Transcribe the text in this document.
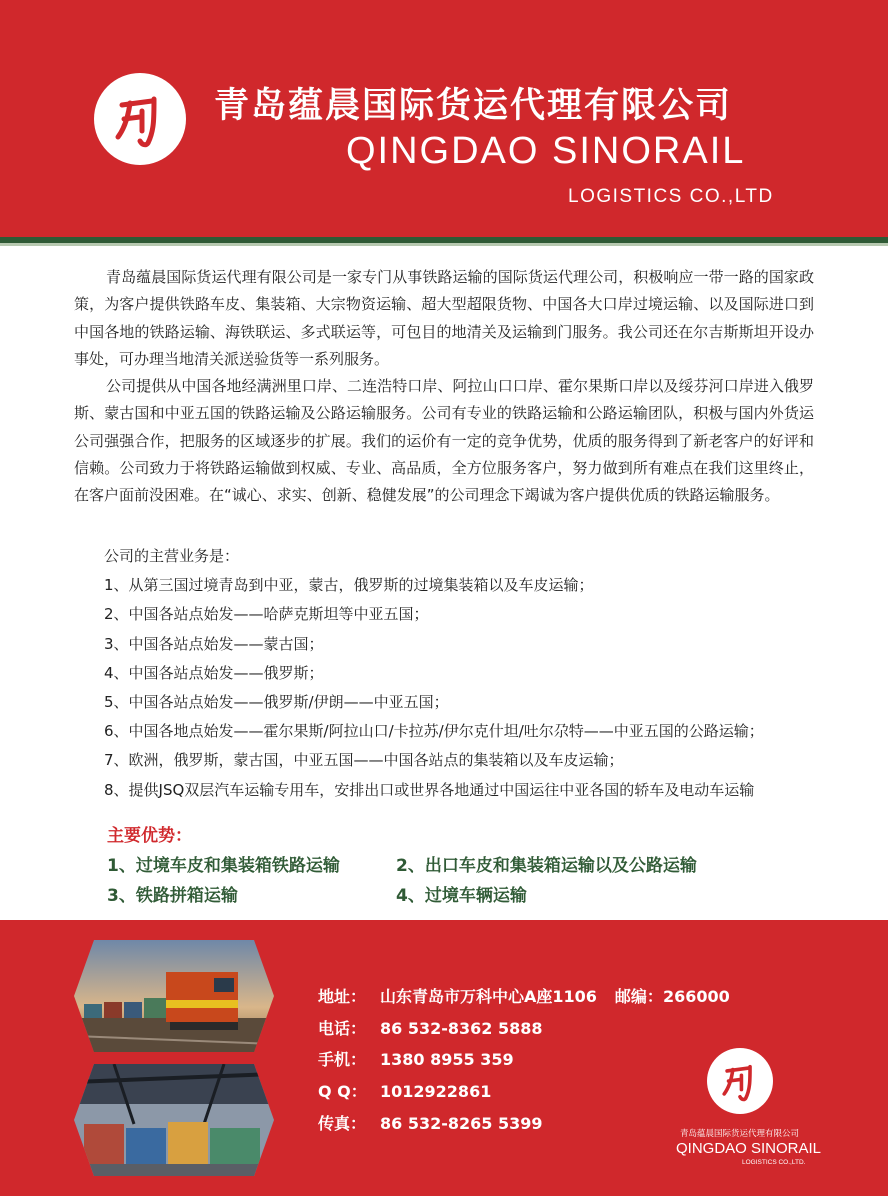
青岛蕴晨国际货运代理有限公司
QINGDAO SINORAIL
LOGISTICS CO.,LTD

青岛蕴晨国际货运代理有限公司是一家专门从事铁路运输的国际货运代理公司，积极响应一带一路的国家政策，为客户提供铁路车皮、集装箱、大宗物资运输、超大型超限货物、中国各大口岸过境运输、以及国际进口到中国各地的铁路运输、海铁联运、多式联运等，可包目的地清关及运输到门服务。我公司还在尔吉斯斯坦开设办事处，可办理当地清关派送验货等一系列服务。

公司提供从中国各地经满洲里口岸、二连浩特口岸、阿拉山口口岸、霍尔果斯口岸以及绥芬河口岸进入俄罗斯、蒙古国和中亚五国的铁路运输及公路运输服务。公司有专业的铁路运输和公路运输团队，积极与国内外货运公司强强合作，把服务的区域逐步的扩展。我们的运价有一定的竞争优势，优质的服务得到了新老客户的好评和信赖。公司致力于将铁路运输做到权威、专业、高品质，全方位服务客户，努力做到所有难点在我们这里终止，在客户面前没困难。在“诚心、求实、创新、稳健发展”的公司理念下竭诚为客户提供优质的铁路运输服务。

公司的主营业务是：
1、从第三国过境青岛到中亚，蒙古，俄罗斯的过境集装箱以及车皮运输；
2、中国各站点始发——哈萨克斯坦等中亚五国；
3、中国各站点始发——蒙古国；
4、中国各站点始发——俄罗斯；
5、中国各站点始发——俄罗斯/伊朗——中亚五国；
6、中国各地点始发——霍尔果斯/阿拉山口/卡拉苏/伊尔克什坦/吐尔尕特——中亚五国的公路运输；
7、欧洲，俄罗斯，蒙古国，中亚五国——中国各站点的集装箱以及车皮运输；
8、提供JSQ双层汽车运输专用车，安排出口或世界各地通过中国运往中亚各国的轿车及电动车运输
主要优势：
1、过境车皮和集装箱铁路运输	2、出口车皮和集装箱运输以及公路运输
3、铁路拼箱运输	4、过境车辆运输
地址： 山东青岛市万科中心A座1106 邮编：266000
电话： 86 532-8362 5888
手机： 1380 8955 359
Q Q： 1012922861
传真： 86 532-8265 5399
青岛蕴晨国际货运代理有限公司
QINGDAO SINORAIL
LOGISTICS CO.,LTD.
